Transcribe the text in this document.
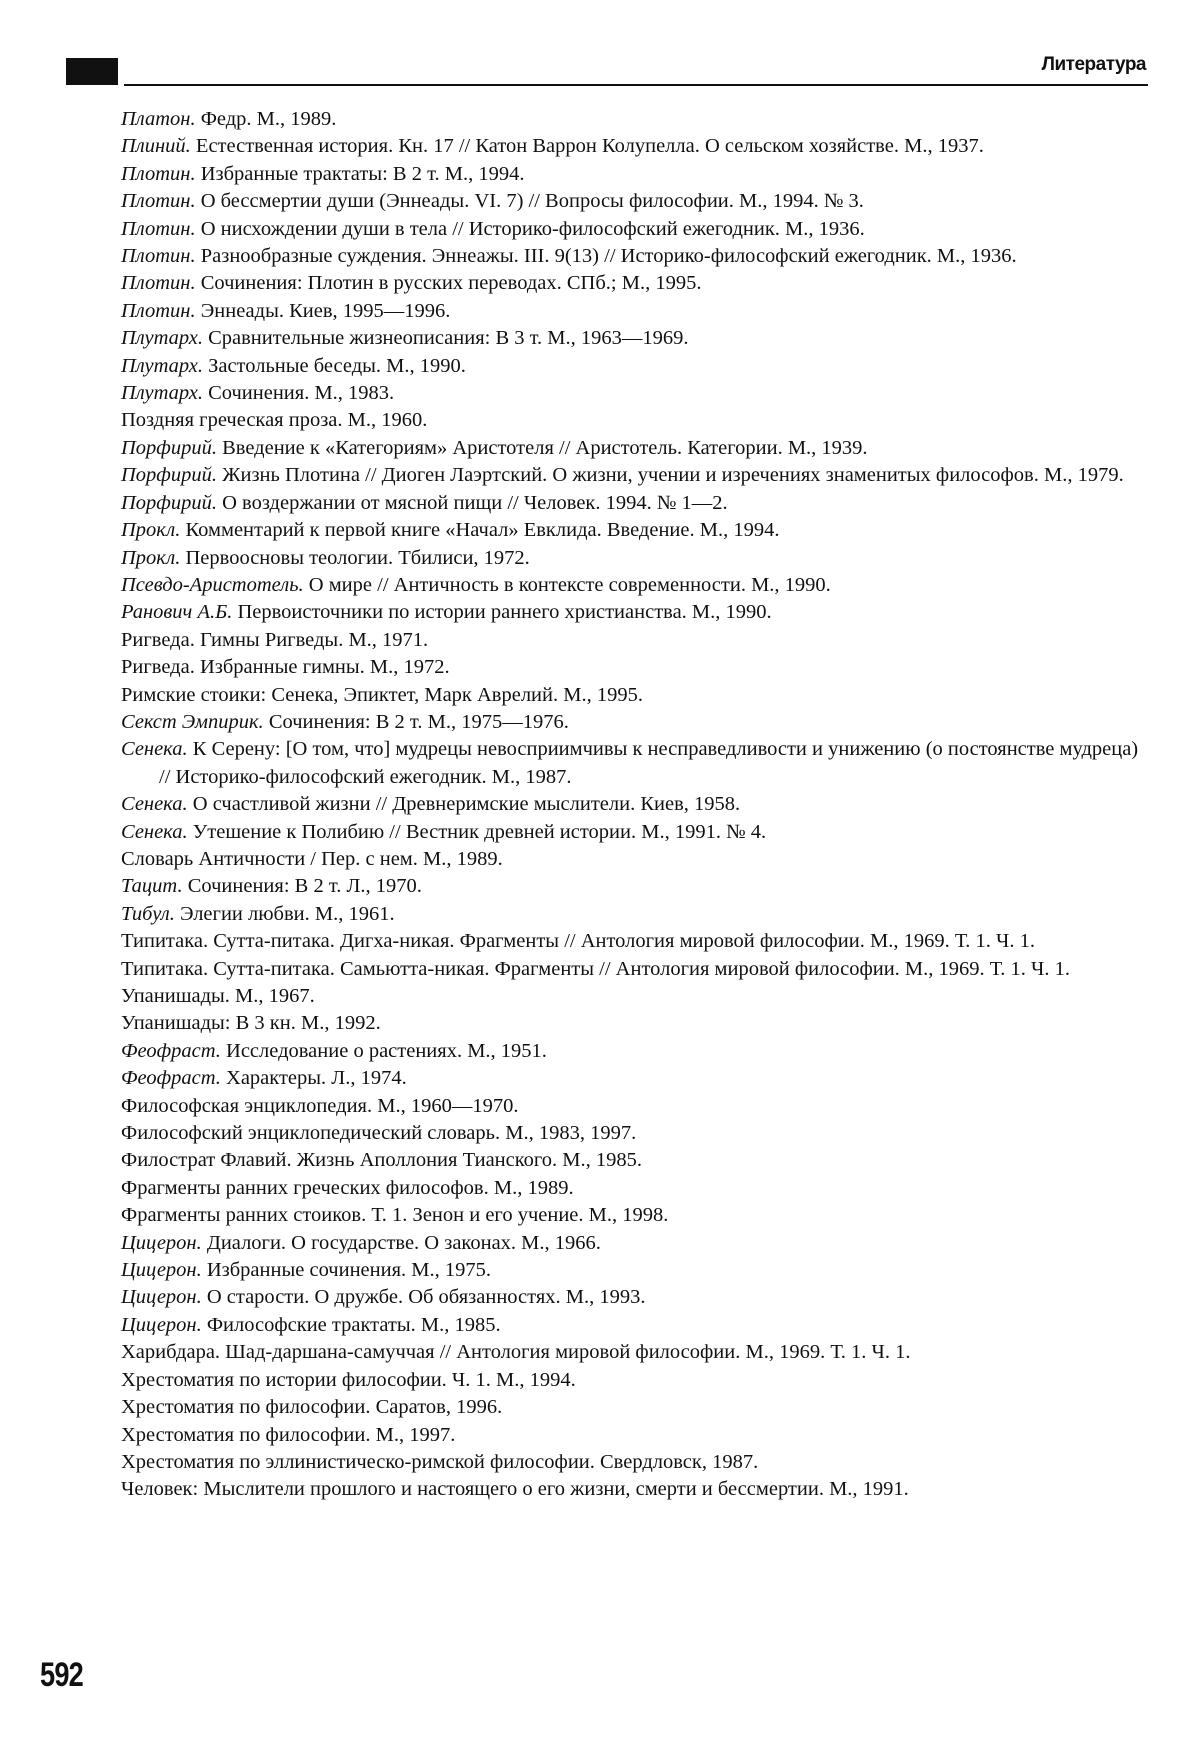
Литература
Платон. Федр. М., 1989.
Плиний. Естественная история. Кн. 17 // Катон Варрон Колупелла. О сельском хозяйстве. М., 1937.
Плотин. Избранные трактаты: В 2 т. М., 1994.
Плотин. О бессмертии души (Эннеады. VI. 7) // Вопросы философии. М., 1994. № 3.
Плотин. О нисхождении души в тела // Историко-философский ежегодник. М., 1936.
Плотин. Разнообразные суждения. Эннеажы. III. 9(13) // Историко-философский ежегодник. М., 1936.
Плотин. Сочинения: Плотин в русских переводах. СПб.; М., 1995.
Плотин. Эннеады. Киев, 1995—1996.
Плутарх. Сравнительные жизнеописания: В 3 т. М., 1963—1969.
Плутарх. Застольные беседы. М., 1990.
Плутарх. Сочинения. М., 1983.
Поздняя греческая проза. М., 1960.
Порфирий. Введение к «Категориям» Аристотеля // Аристотель. Категории. М., 1939.
Порфирий. Жизнь Плотина // Диоген Лаэртский. О жизни, учении и изречениях знаменитых философов. М., 1979.
Порфирий. О воздержании от мясной пищи // Человек. 1994. № 1—2.
Прокл. Комментарий к первой книге «Начал» Евклида. Введение. М., 1994.
Прокл. Первоосновы теологии. Тбилиси, 1972.
Псевдо-Аристотель. О мире // Античность в контексте современности. М., 1990.
Ранович А.Б. Первоисточники по истории раннего христианства. М., 1990.
Ригведа. Гимны Ригведы. М., 1971.
Ригведа. Избранные гимны. М., 1972.
Римские стоики: Сенека, Эпиктет, Марк Аврелий. М., 1995.
Секст Эмпирик. Сочинения: В 2 т. М., 1975—1976.
Сенека. К Серену: [О том, что] мудрецы невосприимчивы к несправедливости и унижению (о постоянстве мудреца) // Историко-философский ежегодник. М., 1987.
Сенека. О счастливой жизни // Древнеримские мыслители. Киев, 1958.
Сенека. Утешение к Полибию // Вестник древней истории. М., 1991. № 4.
Словарь Античности / Пер. с нем. М., 1989.
Тацит. Сочинения: В 2 т. Л., 1970.
Тибул. Элегии любви. М., 1961.
Типитака. Сутта-питака. Дигха-никая. Фрагменты // Антология мировой философии. М., 1969. Т. 1. Ч. 1.
Типитака. Сутта-питака. Самьютта-никая. Фрагменты // Антология мировой философии. М., 1969. Т. 1. Ч. 1.
Упанишады. М., 1967.
Упанишады: В 3 кн. М., 1992.
Феофраст. Исследование о растениях. М., 1951.
Феофраст. Характеры. Л., 1974.
Философская энциклопедия. М., 1960—1970.
Философский энциклопедический словарь. М., 1983, 1997.
Филострат Флавий. Жизнь Аполлония Тианского. М., 1985.
Фрагменты ранних греческих философов. М., 1989.
Фрагменты ранних стоиков. Т. 1. Зенон и его учение. М., 1998.
Цицерон. Диалоги. О государстве. О законах. М., 1966.
Цицерон. Избранные сочинения. М., 1975.
Цицерон. О старости. О дружбе. Об обязанностях. М., 1993.
Цицерон. Философские трактаты. М., 1985.
Харибдара. Шад-даршана-самуччая // Антология мировой философии. М., 1969. Т. 1. Ч. 1.
Хрестоматия по истории философии. Ч. 1. М., 1994.
Хрестоматия по философии. Саратов, 1996.
Хрестоматия по философии. М., 1997.
Хрестоматия по эллинистическо-римской философии. Свердловск, 1987.
Человек: Мыслители прошлого и настоящего о его жизни, смерти и бессмертии. М., 1991.
592
